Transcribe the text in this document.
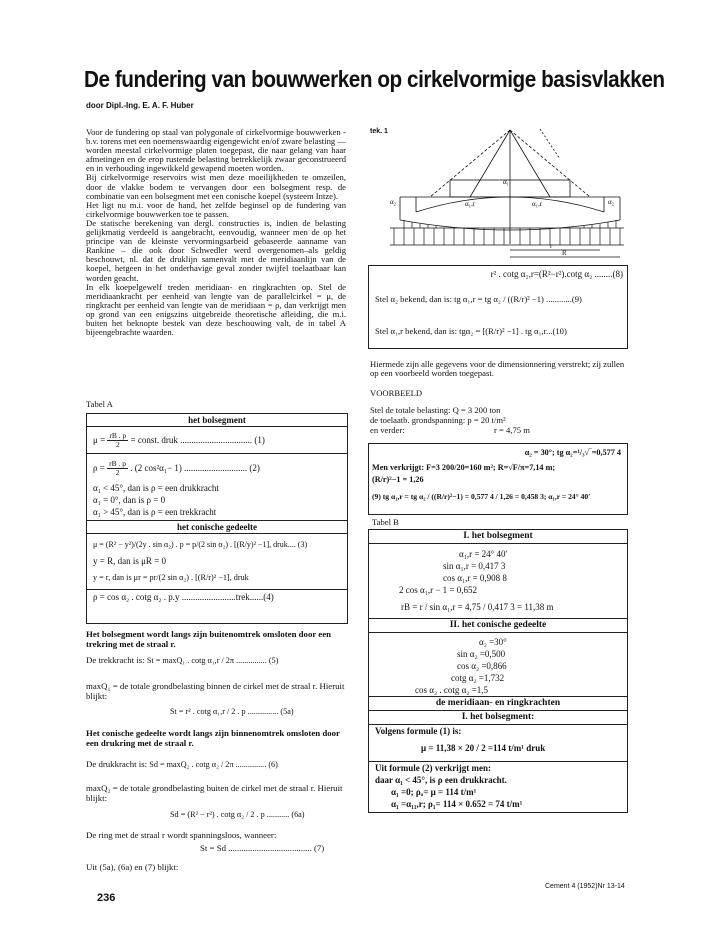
De fundering van bouwwerken op cirkelvormige basisvlakken
door Dipl.-Ing. E. A. F. Huber

Voor de fundering op staal van polygonale of cirkelvormige bouwwerken - b.v. torens met een noemenswaardig eigengewicht en/of zware belasting — worden meestal cirkelvormige platen toegepast, die naar gelang van haar afmetingen en de erop rustende belasting betrekkelijk zwaar geconstrueerd en in verhouding ingewikkeld gewapend moeten worden.

Bij cirkelvormige reservoirs wist men deze moeilijkheden te omzeilen, door de vlakke bodem te vervangen door een bolsegment resp. de combinatie van een bolsegment met een conische koepel (systeem Intze).

Het ligt nu m.i. voor de hand, het zelfde beginsel op de fundering van cirkelvormige bouwwerken toe te passen.

De statische berekening van dergl. constructies is, indien de belasting gelijkmatig verdeeld is aangebracht, eenvoudig, wanneer men de op het principe van de kleinste vervormingsarbeid gebaseerde aanname van Rankine – die ook door Schwedler werd overgenomen–als geldig beschouwt, nl. dat de druklijn samenvalt met de meridiaanlijn van de koepel, hetgeen in het onderhavige geval zonder twijfel toelaatbaar kan worden geacht.

In elk koepelgewelf treden meridiaan- en ringkrachten op. Stel de meridiaankracht per eenheid van lengte van de parallelcirkel = μ, de ringkracht per eenheid van lengte van de meridiaan = ρ, dan verkrijgt men op grond van een enigszins uitgebreide theoretische afleiding, die m.i. buiten het beknopte bestek van deze beschouwing valt, de in tabel A bijeengebrachte waarden.

Tabel A
het bolsegment
$\mu = \frac{rB . p}{2}$ = const. druk ................................ (1)
$\rho = \frac{rB . p}{2}$ . (2 cos²α₁− 1) ............................ (2)
α₁ < 45°, dan is ρ = een drukkracht
α₁ = 0°, dan is ρ = 0
α₁ > 45°, dan is ρ = een trekkracht
het conische gedeelte
μ = (R² − y²)/(2y . sin α₂) . p = p/(2 sin α₂) . [(R/y)² −1], druk.... (3)
y = R, dan is μR = 0
y = r, dan is μr = pr/(2 sin α₂) . [(R/r)² −1], druk
ρ = cos α₂ . cotg α₂ . p.y ........................trek......(4)
Het bolsegment wordt langs zijn buitenomtrek omsloten door een trekring met de straal r.
De trekkracht is: St = maxQ₁ . cotg α₁,r / 2π ............... (5)
maxQ₁ = de totale grondbelasting binnen de cirkel met de straal r. Hieruit blijkt:
St = r² . cotg α₁,r / 2 . p ............... (5a)
Het conische gedeelte wordt langs zijn binnenomtrek omsloten door een drukring met de straal r.
De drukkracht is: Sd = maxQ₂ . cotg α₂ / 2π ............... (6)
maxQ₂ = de totale grondbelasting buiten de cirkel met de straal r. Hieruit blijkt:
Sd = (R² − r²) . cotg α₂ / 2 . p ........... (6a)
De ring met de straal r wordt spanningsloos, wanneer:
St = Sd ...................................... (7)
Uit (5a), (6a) en (7) blijkt:
tek. 1
α₂	α₁,r
α₁
α₁,r
R
r
α₂
r² . cotg α₁,r=(R²−r²).cotg α₂ ........(8)
Stel α₂ bekend, dan is: tg α₁,r = tg α₂ / ((R/r)² −1) ............(9)
Stel α₁,r bekend, dan is: tgα₂ = [(R/r)² −1] . tg α₁,r...(10)
Hiermede zijn alle gegevens voor de dimensionnering verstrekt; zij zullen op een voorbeeld worden toegepast.
VOORBEELD
Stel de totale belasting: Q = 3 200 ton
de toelaatb. grondspanning: p = 20 t/m²
en verder:	r = 4,75 m
α₂ = 30°; tg α₂=¹/₃√‾=0,577 4
Men verkrijgt: F=3 200/20=160 m²; R=√F/π=7,14 m;
(R/r)²−1 = 1,26
(9) tg α₁,r = tg α₂ / ((R/r)²−1) = 0,577 4 / 1,26 = 0,458 3; α₁,r = 24° 40′
Tabel B
I. het bolsegment
α₁,r = 24° 40′
sin α₁,r = 0,417 3
cos α₁,r = 0,908 8
2 cos α₁,r − 1 = 0,652
rB = r / sin α₁,r = 4,75 / 0,417 3 = 11,38 m
II. het conische gedeelte
α₂ =30°
sin α₂ =0,500
cos α₂ =0,866
cotg α₂ =1,732
cos α₂ . cotg α₂ =1,5
de meridiaan- en ringkrachten
I. het bolsegment:
Volgens formule (1) is:
μ = 11,38 × 20 / 2 =114 t/m¹ druk
Uit formule (2) verkrijgt men:
daar α₁ < 45°, is ρ een drukkracht.
α₁ =0; ρₒ= μ = 114 t/m¹
α₁ =α₁₁,r; ρ₁= 114 × 0.652 = 74 t/m¹
236
Cement 4 (1952)Nr 13-14
